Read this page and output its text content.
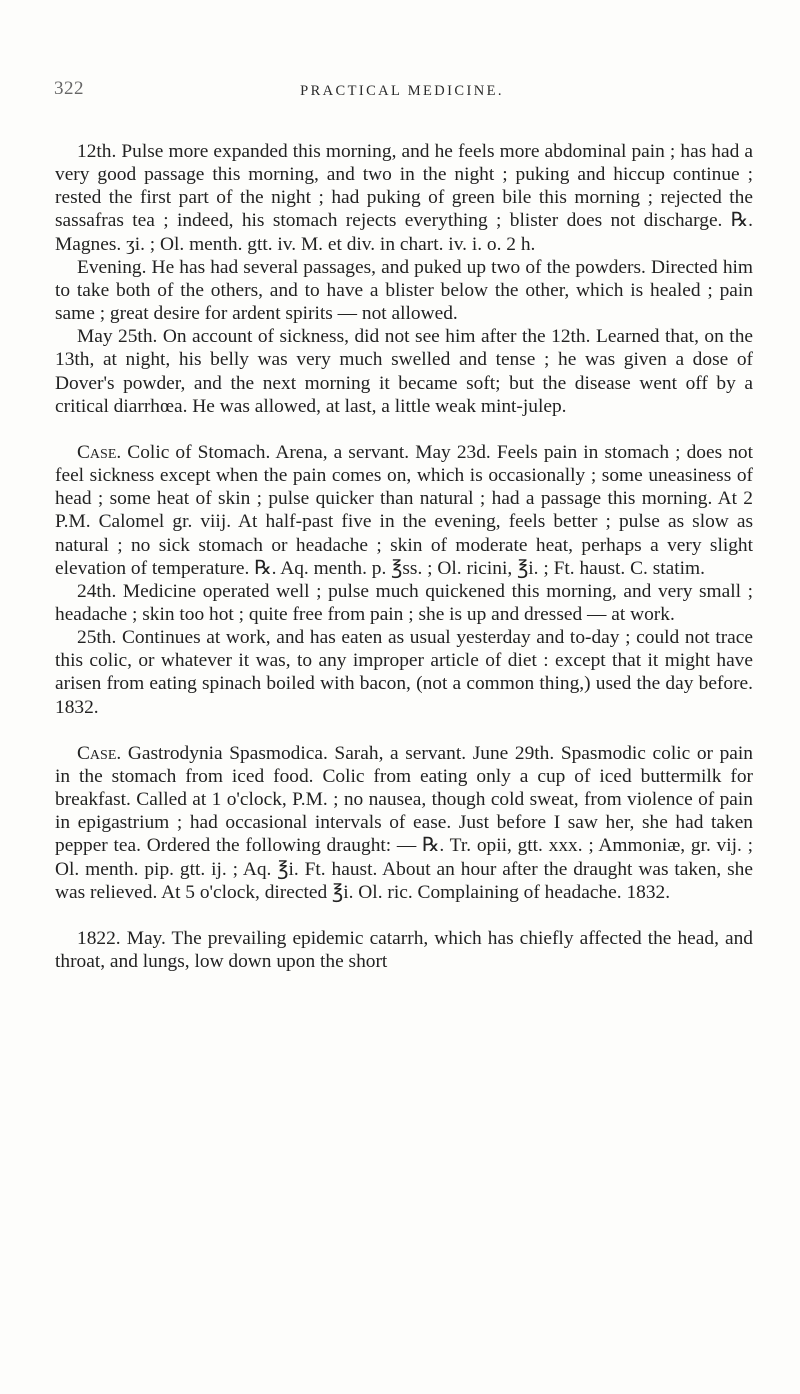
322	PRACTICAL MEDICINE.

12th. Pulse more expanded this morning, and he feels more abdominal pain ; has had a very good passage this morning, and two in the night ; puking and hiccup continue ; rested the first part of the night ; had puking of green bile this morning ; rejected the sassafras tea ; indeed, his stomach rejects everything ; blister does not discharge. ℞. Magnes. ʒi. ; Ol. menth. gtt. iv. M. et div. in chart. iv. i. o. 2 h.

Evening. He has had several passages, and puked up two of the powders. Directed him to take both of the others, and to have a blister below the other, which is healed ; pain same ; great desire for ardent spirits — not allowed.

May 25th. On account of sickness, did not see him after the 12th. Learned that, on the 13th, at night, his belly was very much swelled and tense ; he was given a dose of Dover's powder, and the next morning it became soft; but the disease went off by a critical diarrhœa. He was allowed, at last, a little weak mint-julep.

Case. Colic of Stomach. Arena, a servant. May 23d. Feels pain in stomach ; does not feel sickness except when the pain comes on, which is occasionally ; some uneasiness of head ; some heat of skin ; pulse quicker than natural ; had a passage this morning. At 2 P.M. Calomel gr. viij. At half-past five in the evening, feels better ; pulse as slow as natural ; no sick stomach or headache ; skin of moderate heat, perhaps a very slight elevation of temperature. ℞. Aq. menth. p. ℥ss. ; Ol. ricini, ℥i. ; Ft. haust. C. statim.

24th. Medicine operated well ; pulse much quickened this morning, and very small ; headache ; skin too hot ; quite free from pain ; she is up and dressed — at work.

25th. Continues at work, and has eaten as usual yesterday and to-day ; could not trace this colic, or whatever it was, to any improper article of diet : except that it might have arisen from eating spinach boiled with bacon, (not a common thing,) used the day before. 1832.

Case. Gastrodynia Spasmodica. Sarah, a servant. June 29th. Spasmodic colic or pain in the stomach from iced food. Colic from eating only a cup of iced buttermilk for breakfast. Called at 1 o'clock, P.M. ; no nausea, though cold sweat, from violence of pain in epigastrium ; had occasional intervals of ease. Just before I saw her, she had taken pepper tea. Ordered the following draught: — ℞. Tr. opii, gtt. xxx. ; Ammoniæ, gr. vij. ; Ol. menth. pip. gtt. ij. ; Aq. ℥i. Ft. haust. About an hour after the draught was taken, she was relieved. At 5 o'clock, directed ℥i. Ol. ric. Complaining of headache. 1832.

1822. May. The prevailing epidemic catarrh, which has chiefly affected the head, and throat, and lungs, low down upon the short
